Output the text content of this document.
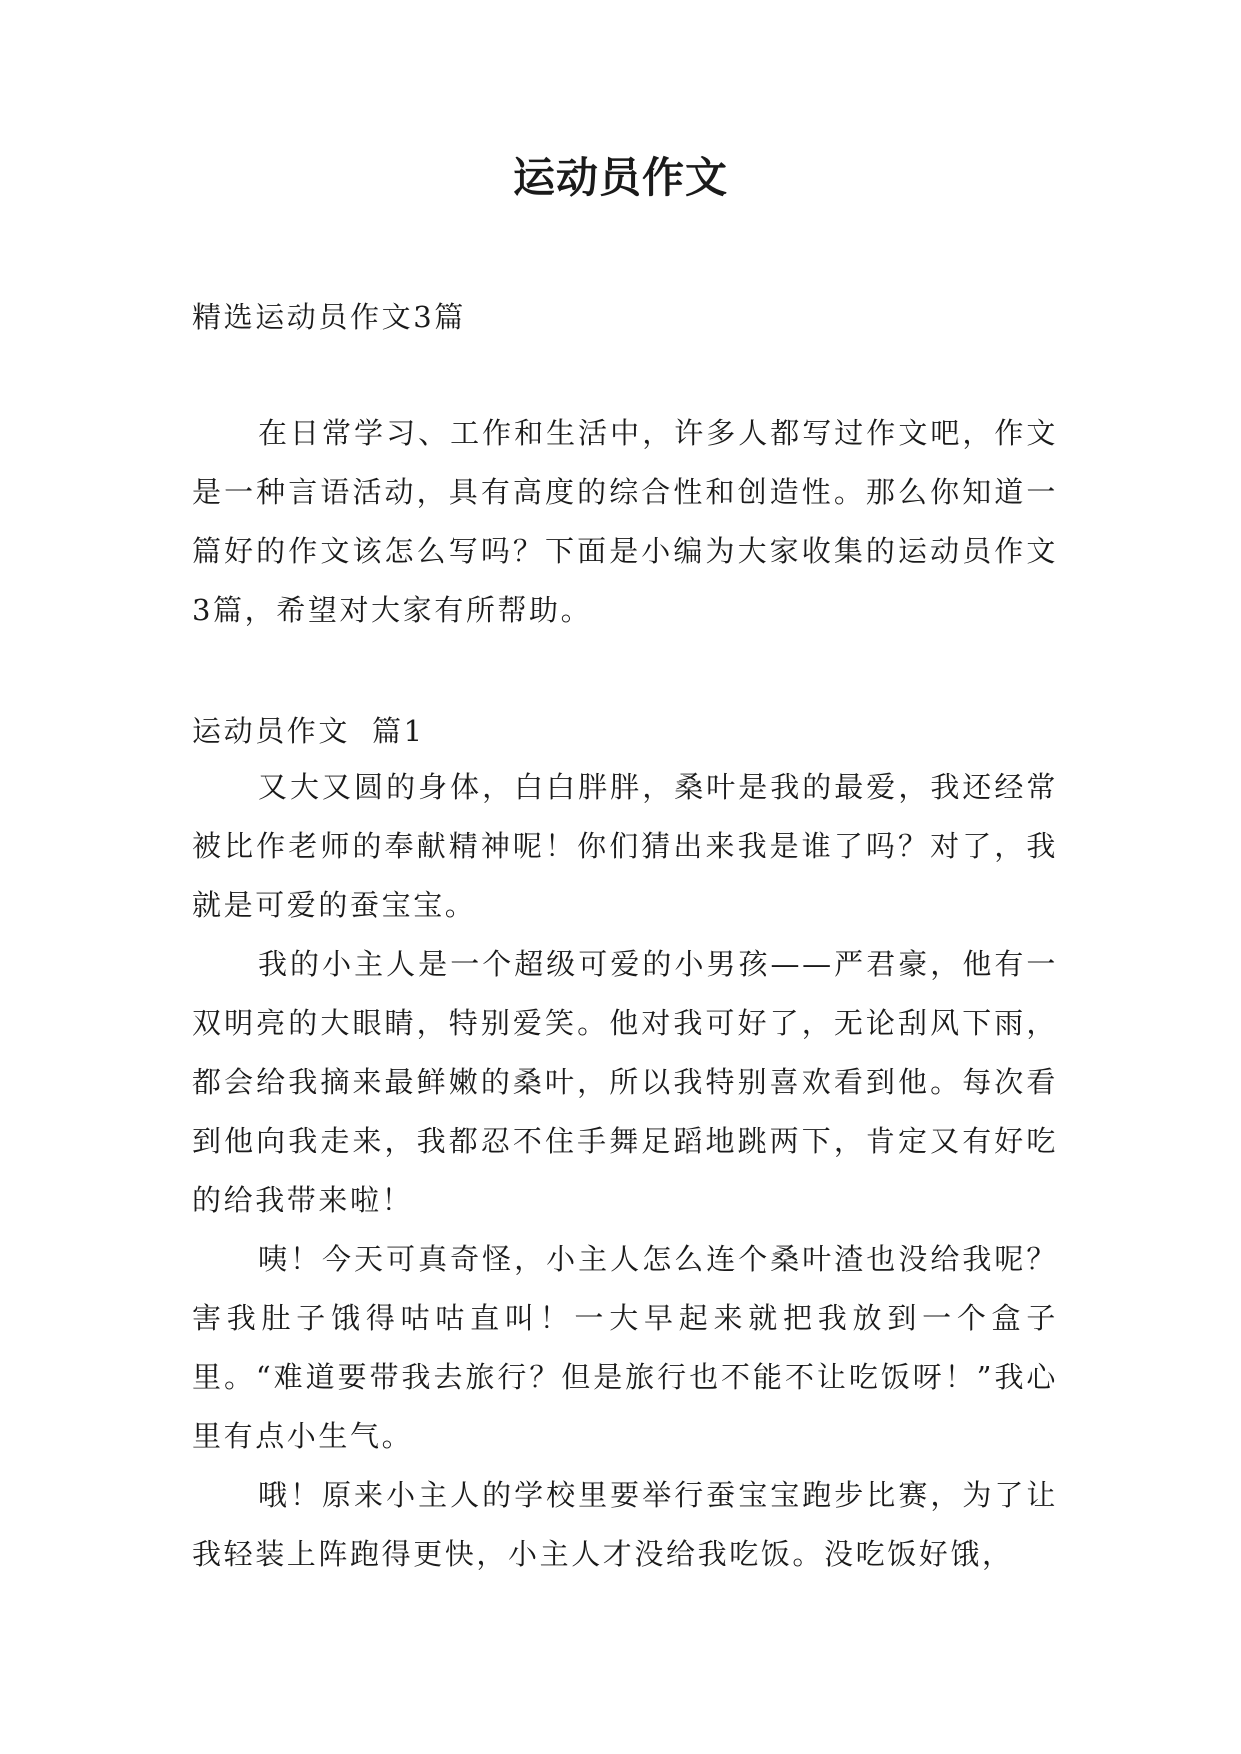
运动员作文
精选运动员作文3篇
在日常学习、工作和生活中，许多人都写过作文吧，作文是一种言语活动，具有高度的综合性和创造性。那么你知道一篇好的作文该怎么写吗？下面是小编为大家收集的运动员作文3篇，希望对大家有所帮助。
运动员作文 篇1

又大又圆的身体，白白胖胖，桑叶是我的最爱，我还经常被比作老师的奉献精神呢！你们猜出来我是谁了吗？对了，我就是可爱的蚕宝宝。

我的小主人是一个超级可爱的小男孩——严君豪，他有一双明亮的大眼睛，特别爱笑。他对我可好了，无论刮风下雨，都会给我摘来最鲜嫩的桑叶，所以我特别喜欢看到他。每次看到他向我走来，我都忍不住手舞足蹈地跳两下，肯定又有好吃的给我带来啦！

咦！今天可真奇怪，小主人怎么连个桑叶渣也没给我呢？害我肚子饿得咕咕直叫！一大早起来就把我放到一个盒子里。“难道要带我去旅行？但是旅行也不能不让吃饭呀！”我心里有点小生气。

哦！原来小主人的学校里要举行蚕宝宝跑步比赛，为了让我轻装上阵跑得更快，小主人才没给我吃饭。没吃饭好饿，
